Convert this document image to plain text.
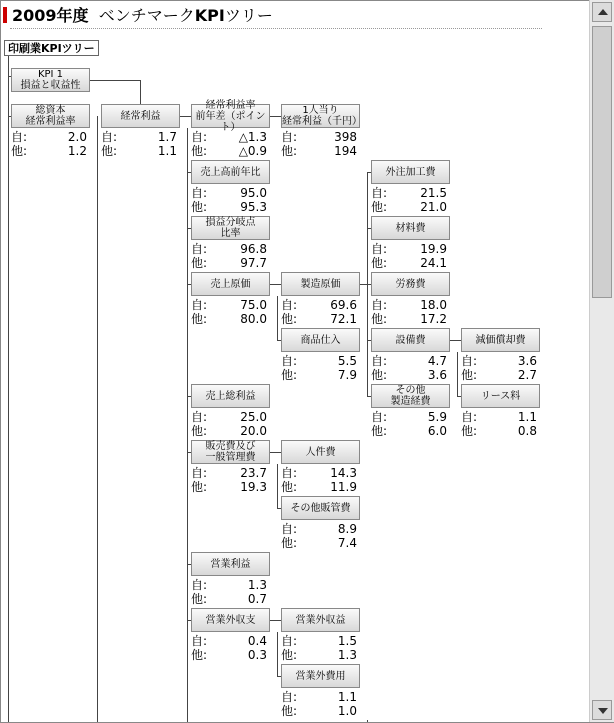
2009年度 ベンチマークKPIツリー
印刷業KPIツリー
KPI 1
損益と収益性
総資本
経常利益率
自:	2.0
他:	1.2
経常利益
自:	1.7
他:	1.1
経常利益率
前年差（ポイント）
自:	△1.3
他:	△0.9
1人当り
経常利益（千円）
自:	398
他:	194
売上高前年比
自:	95.0
他:	95.3
損益分岐点
比率
自:	96.8
他:	97.7
売上原価
自:	75.0
他:	80.0
製造原価
自:	69.6
他:	72.1
商品仕入
自:	5.5
他:	7.9
外注加工費
自:	21.5
他:	21.0
材料費
自:	19.9
他:	24.1
労務費
自:	18.0
他:	17.2
設備費
自:	4.7
他:	3.6
減価償却費
自:	3.6
他:	2.7
リース料
自:	1.1
他:	0.8
その他
製造経費
自:	5.9
他:	6.0
売上総利益
自:	25.0
他:	20.0
販売費及び
一般管理費
自:	23.7
他:	19.3
人件費
自:	14.3
他:	11.9
その他販管費
自:	8.9
他:	7.4
営業利益
自:	1.3
他:	0.7
営業外収支
自:	0.4
他:	0.3
営業外収益
自:	1.5
他:	1.3
営業外費用
自:	1.1
他:	1.0
